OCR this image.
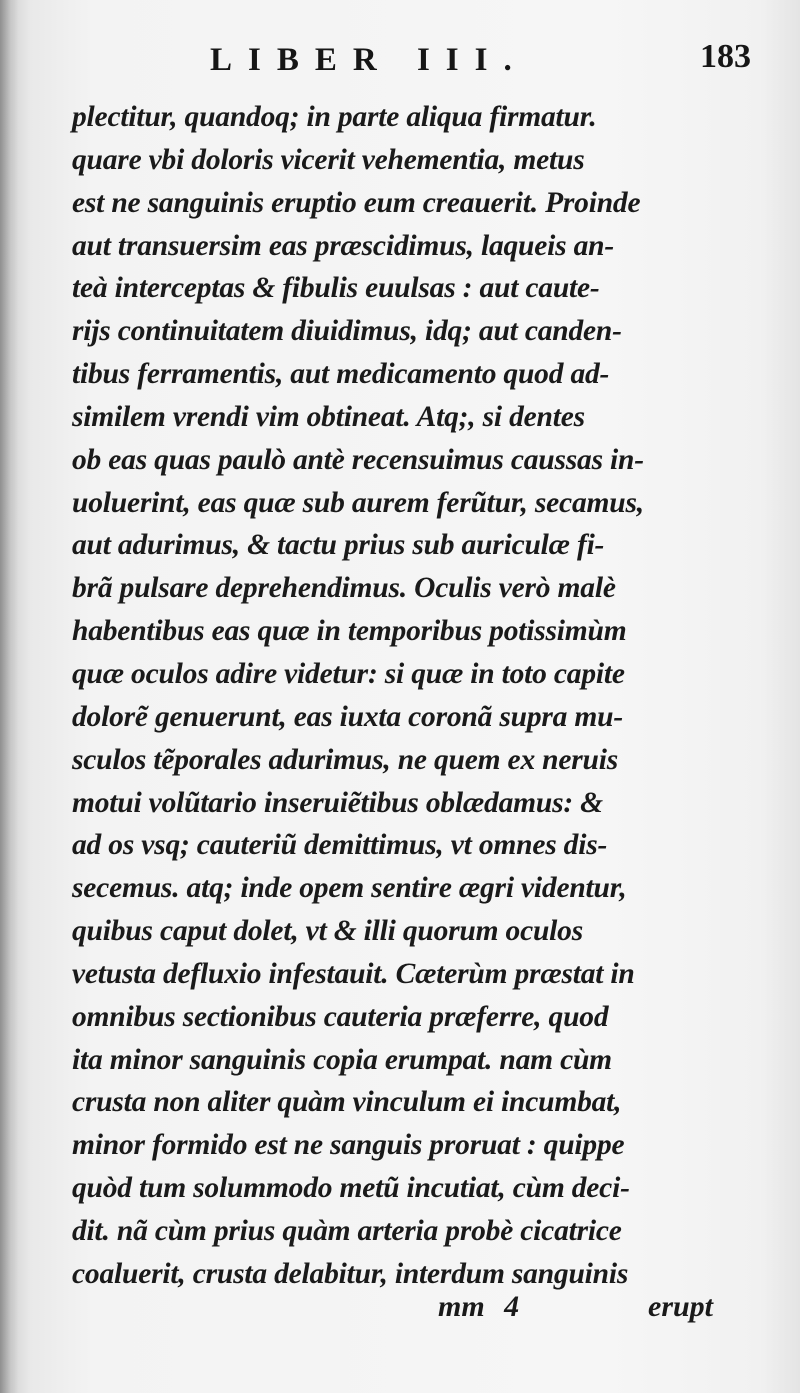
LIBER III.	183
plectitur, quandoq; in parte aliqua firmatur.
quare vbi doloris vicerit vehementia, metus
est ne sanguinis eruptio eum creauerit. Proinde
aut transuersim eas præscidimus, laqueis an-
teà interceptas & fibulis euulsas : aut caute-
rijs continuitatem diuidimus, idq; aut canden-
tibus ferramentis, aut medicamento quod ad-
similem vrendi vim obtineat. Atq;, si dentes
ob eas quas paulò antè recensuimus caussas in-
uoluerint, eas quæ sub aurem ferũtur, secamus,
aut adurimus, & tactu prius sub auriculæ fi-
brã pulsare deprehendimus. Oculis verò malè
habentibus eas quæ in temporibus potissimùm
quæ oculos adire videtur: si quæ in toto capite
dolorẽ genuerunt, eas iuxta coronã supra mu-
sculos tẽporales adurimus, ne quem ex neruis
motui volũtario inseruiẽtibus oblædamus: &
ad os vsq; cauteriũ demittimus, vt omnes dis-
secemus. atq; inde opem sentire ægri videntur,
quibus caput dolet, vt & illi quorum oculos
vetusta defluxio infestauit. Cæterùm præstat in
omnibus sectionibus cauteria præferre, quod
ita minor sanguinis copia erumpat. nam cùm
crusta non aliter quàm vinculum ei incumbat,
minor formido est ne sanguis proruat : quippe
quòd tum solummodo metũ incutiat, cùm deci-
dit. nã cùm prius quàm arteria probè cicatrice
coaluerit, crusta delabitur, interdum sanguinis
mm 4	erupt
